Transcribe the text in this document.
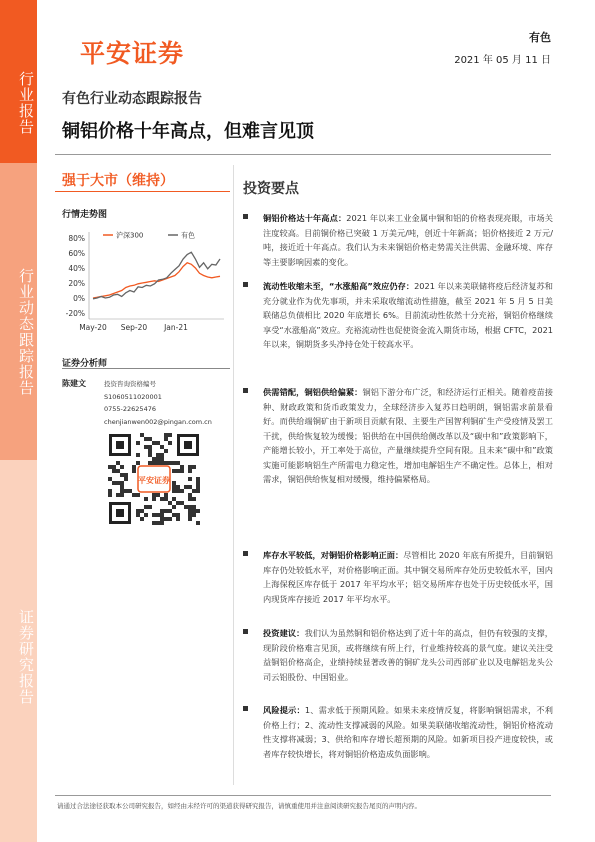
行业报告
行业动态跟踪报告
证券研究报告
平安证券
有色
2021 年 05 月 11 日
有色行业动态跟踪报告
铜铝价格十年高点，但难言见顶
强于大市（维持）
行情走势图
80%
60%
40%
20%
0%
-20%
May-20 Sep-20 Jan-21
沪深300	有色
证券分析师
陈建文	投资咨询资格编号
S1060511020001
0755-22625476
chenjianwen002@pingan.com.cn
平安证券
投资要点
铜铝价格达十年高点：2021 年以来工业金属中铜和铝的价格表现亮眼，市场关注度较高。目前铜价格已突破 1 万美元/吨，创近十年新高；铝价格接近 2 万元/吨，接近近十年高点。我们认为未来铜铝价格走势需关注供需、金融环境、库存等主要影响因素的变化。
流动性收缩未至，“水涨船高”效应仍存：2021 年以来美联储将疫后经济复苏和充分就业作为优先事项，并未采取收缩流动性措施，截至 2021 年 5 月 5 日美联储总负债相比 2020 年底增长 6%。目前流动性依然十分充裕，铜铝价格继续享受“水涨船高”效应。充裕流动性也促使资金流入期货市场，根据 CFTC，2021 年以来，铜期货多头净持仓处于较高水平。
供需错配，铜铝供给偏紧：铜铝下游分布广泛，和经济运行正相关。随着疫苗接种、财政政策和货币政策发力，全球经济步入复苏日趋明朗，铜铝需求前景看好。而供给端铜矿由于新项目贡献有限、主要生产国智利铜矿生产受疫情及罢工干扰，供给恢复较为缓慢；铝供给在中国供给侧改革以及“碳中和”政策影响下，产能增长较小，开工率处于高位，产量继续提升空间有限。且未来“碳中和”政策实施可能影响铝生产所需电力稳定性，增加电解铝生产不确定性。总体上，相对需求，铜铝供给恢复相对缓慢，维持偏紧格局。
库存水平较低，对铜铝价格影响正面：尽管相比 2020 年底有所提升，目前铜铝库存仍处较低水平，对价格影响正面。其中铜交易所库存处历史较低水平，国内上海保税区库存低于 2017 年平均水平；铝交易所库存也处于历史较低水平，国内现货库存接近 2017 年平均水平。
投资建议：我们认为虽然铜和铝价格达到了近十年的高点，但仍有较强的支撑，现阶段价格难言见顶，或将继续有所上行，行业维持较高的景气度。建议关注受益铜铝价格高企，业绩持续显著改善的铜矿龙头公司西部矿业以及电解铝龙头公司云铝股份、中国铝业。
风险提示：1、需求低于预期风险。如果未来疫情反复，将影响铜铝需求，不利价格上行；2、流动性支撑减弱的风险。如果美联储收缩流动性，铜铝价格流动性支撑将减弱；3、供给和库存增长超预期的风险。如新项目投产进度较快，或者库存较快增长，将对铜铝价格造成负面影响。
请通过合法途径获取本公司研究报告，如经由未经许可的渠道获得研究报告，请慎重使用并注意阅读研究报告尾页的声明内容。
